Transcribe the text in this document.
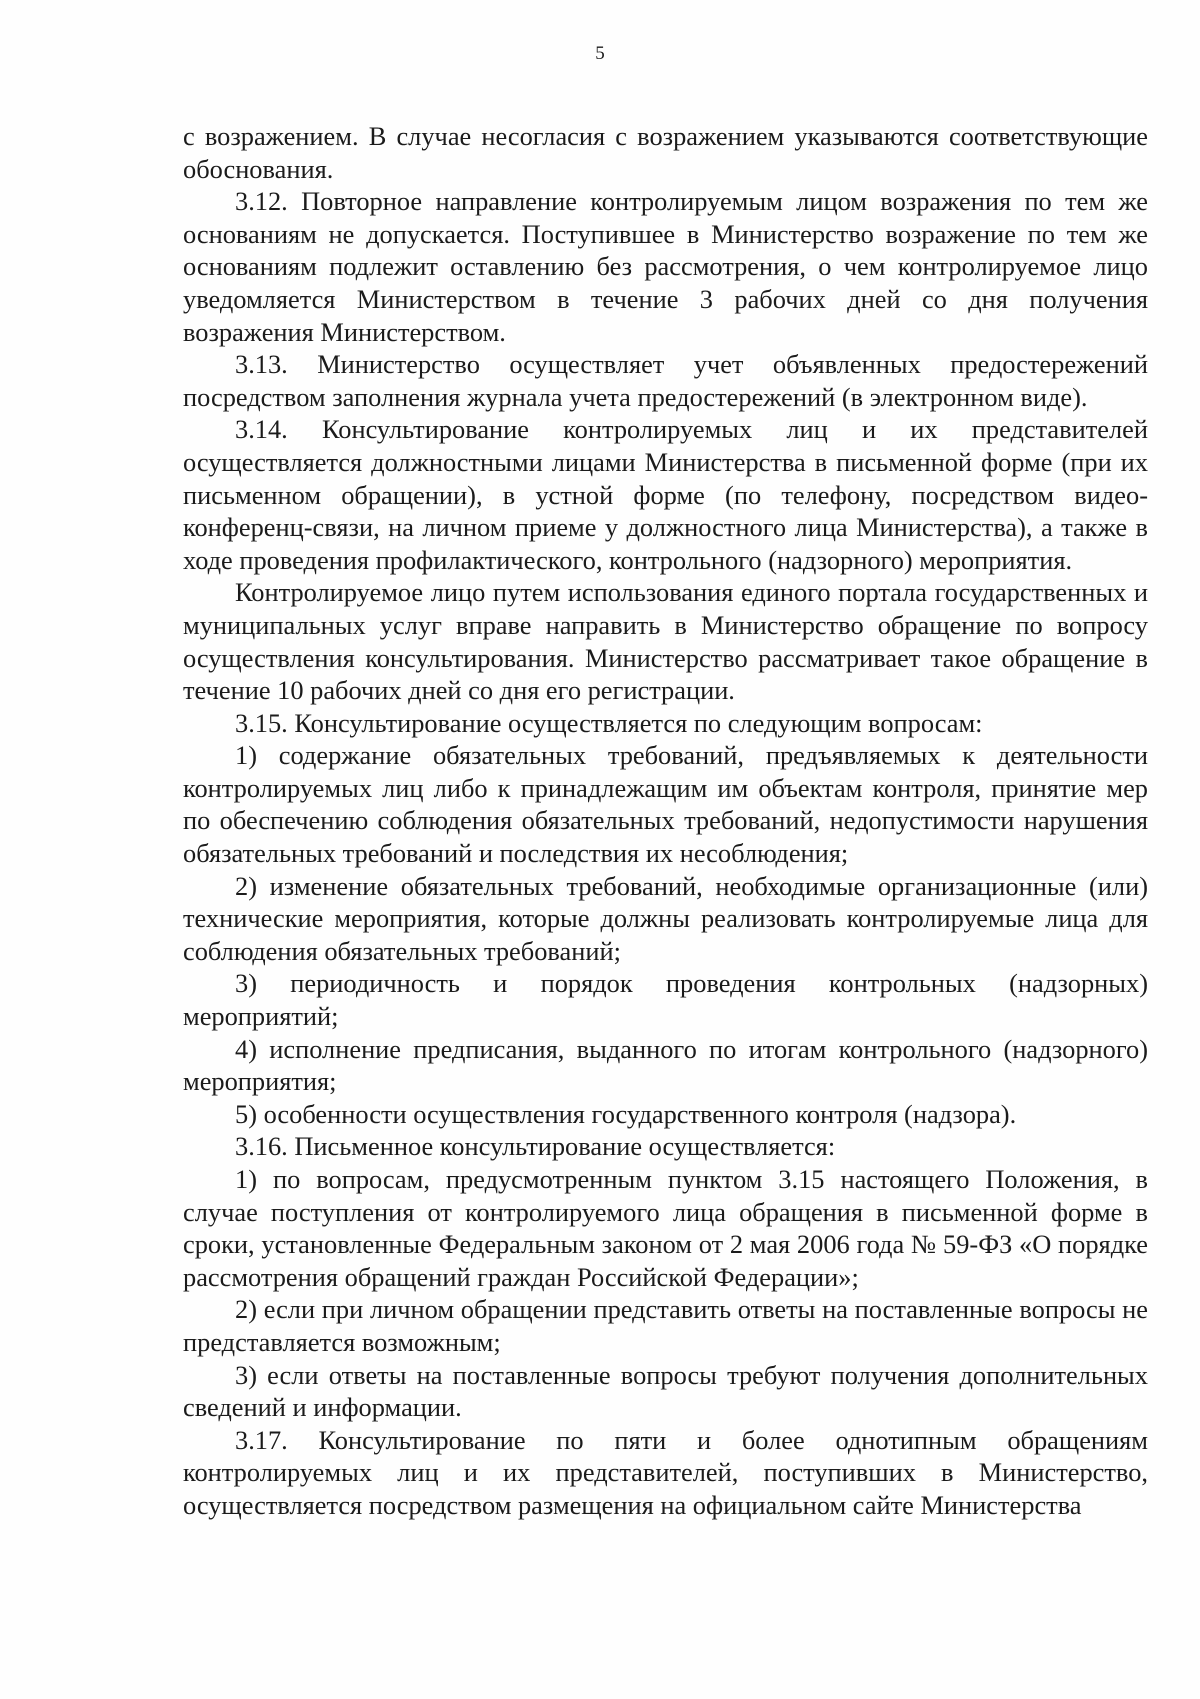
5

с возражением. В случае несогласия с возражением указываются соответствующие обоснования.

3.12. Повторное направление контролируемым лицом возражения по тем же основаниям не допускается. Поступившее в Министерство возражение по тем же основаниям подлежит оставлению без рассмотрения, о чем контролируемое лицо уведомляется Министерством в течение 3 рабочих дней со дня получения возражения Министерством.

3.13. Министерство осуществляет учет объявленных предостережений посредством заполнения журнала учета предостережений (в электронном виде).

3.14. Консультирование контролируемых лиц и их представителей осуществляется должностными лицами Министерства в письменной форме (при их письменном обращении), в устной форме (по телефону, посредством видео-конференц-связи, на личном приеме у должностного лица Министерства), а также в ходе проведения профилактического, контрольного (надзорного) мероприятия.

Контролируемое лицо путем использования единого портала государственных и муниципальных услуг вправе направить в Министерство обращение по вопросу осуществления консультирования. Министерство рассматривает такое обращение в течение 10 рабочих дней со дня его регистрации.

3.15. Консультирование осуществляется по следующим вопросам:

1) содержание обязательных требований, предъявляемых к деятельности контролируемых лиц либо к принадлежащим им объектам контроля, принятие мер по обеспечению соблюдения обязательных требований, недопустимости нарушения обязательных требований и последствия их несоблюдения;

2) изменение обязательных требований, необходимые организационные (или) технические мероприятия, которые должны реализовать контролируемые лица для соблюдения обязательных требований;

3) периодичность и порядок проведения контрольных (надзорных) мероприятий;

4) исполнение предписания, выданного по итогам контрольного (надзорного) мероприятия;

5) особенности осуществления государственного контроля (надзора).

3.16. Письменное консультирование осуществляется:

1) по вопросам, предусмотренным пунктом 3.15 настоящего Положения, в случае поступления от контролируемого лица обращения в письменной форме в сроки, установленные Федеральным законом от 2 мая 2006 года № 59-ФЗ «О порядке рассмотрения обращений граждан Российской Федерации»;

2) если при личном обращении представить ответы на поставленные вопросы не представляется возможным;

3) если ответы на поставленные вопросы требуют получения дополнительных сведений и информации.

3.17. Консультирование по пяти и более однотипным обращениям контролируемых лиц и их представителей, поступивших в Министерство, осуществляется посредством размещения на официальном сайте Министерства
